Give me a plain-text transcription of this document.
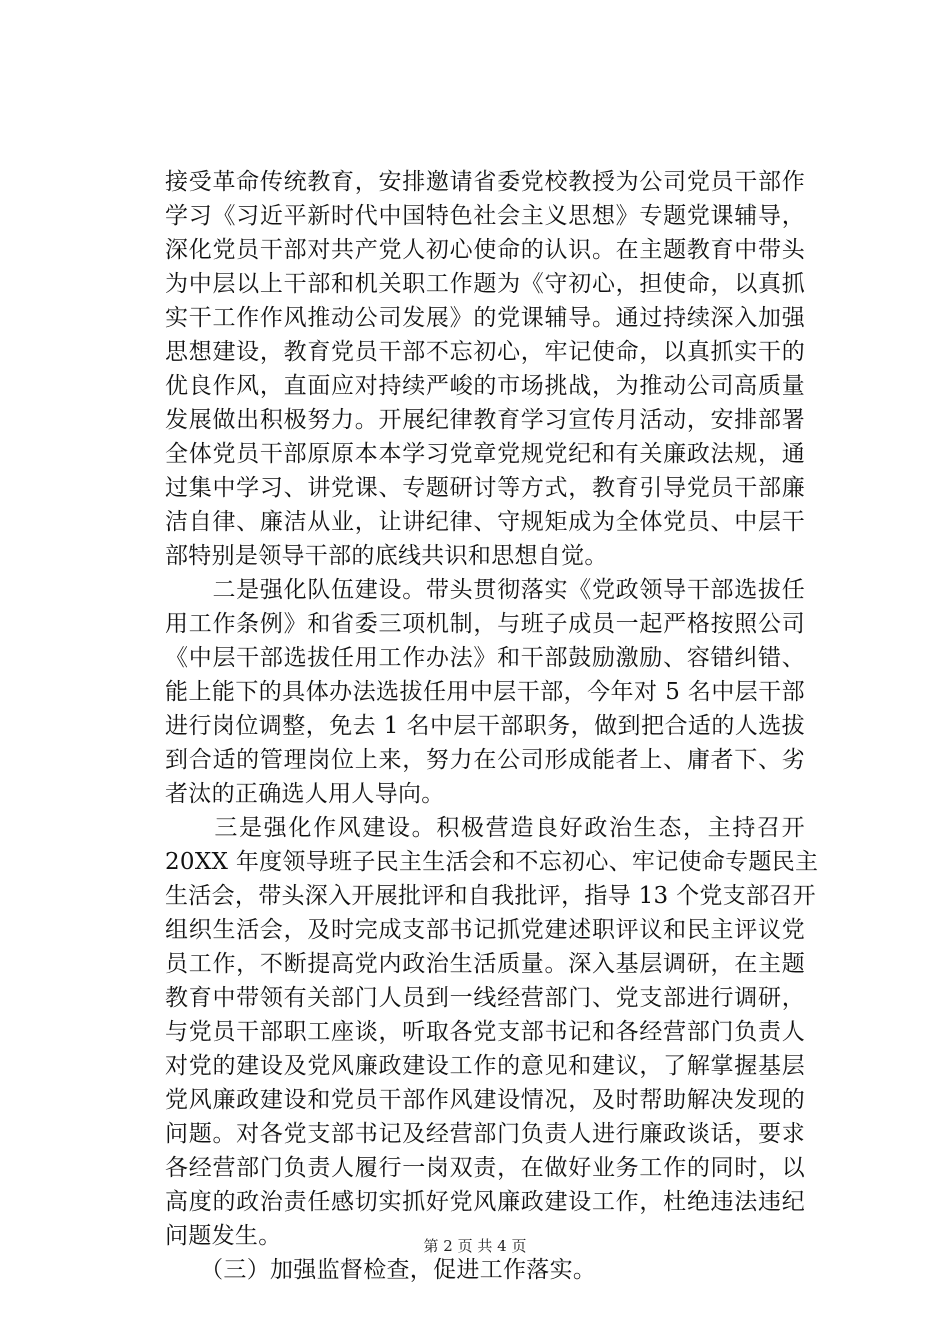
接受革命传统教育，安排邀请省委党校教授为公司党员干部作
学习《习近平新时代中国特色社会主义思想》专题党课辅导，
深化党员干部对共产党人初心使命的认识。在主题教育中带头
为中层以上干部和机关职工作题为《守初心，担使命，以真抓
实干工作作风推动公司发展》的党课辅导。通过持续深入加强
思想建设，教育党员干部不忘初心，牢记使命，以真抓实干的
优良作风，直面应对持续严峻的市场挑战，为推动公司高质量
发展做出积极努力。开展纪律教育学习宣传月活动，安排部署
全体党员干部原原本本学习党章党规党纪和有关廉政法规，通
过集中学习、讲党课、专题研讨等方式，教育引导党员干部廉
洁自律、廉洁从业，让讲纪律、守规矩成为全体党员、中层干
部特别是领导干部的底线共识和思想自觉。
　　二是强化队伍建设。带头贯彻落实《党政领导干部选拔任
用工作条例》和省委三项机制，与班子成员一起严格按照公司
《中层干部选拔任用工作办法》和干部鼓励激励、容错纠错、
能上能下的具体办法选拔任用中层干部，今年对 5 名中层干部
进行岗位调整，免去 1 名中层干部职务，做到把合适的人选拔
到合适的管理岗位上来，努力在公司形成能者上、庸者下、劣
者汰的正确选人用人导向。
　　三是强化作风建设。积极营造良好政治生态，主持召开
20XX 年度领导班子民主生活会和不忘初心、牢记使命专题民主
生活会，带头深入开展批评和自我批评，指导 13 个党支部召开
组织生活会，及时完成支部书记抓党建述职评议和民主评议党
员工作，不断提高党内政治生活质量。深入基层调研，在主题
教育中带领有关部门人员到一线经营部门、党支部进行调研，
与党员干部职工座谈，听取各党支部书记和各经营部门负责人
对党的建设及党风廉政建设工作的意见和建议，了解掌握基层
党风廉政建设和党员干部作风建设情况，及时帮助解决发现的
问题。对各党支部书记及经营部门负责人进行廉政谈话，要求
各经营部门负责人履行一岗双责，在做好业务工作的同时，以
高度的政治责任感切实抓好党风廉政建设工作，杜绝违法违纪
问题发生。
　　（三）加强监督检查，促进工作落实。
第 2 页 共 4 页
